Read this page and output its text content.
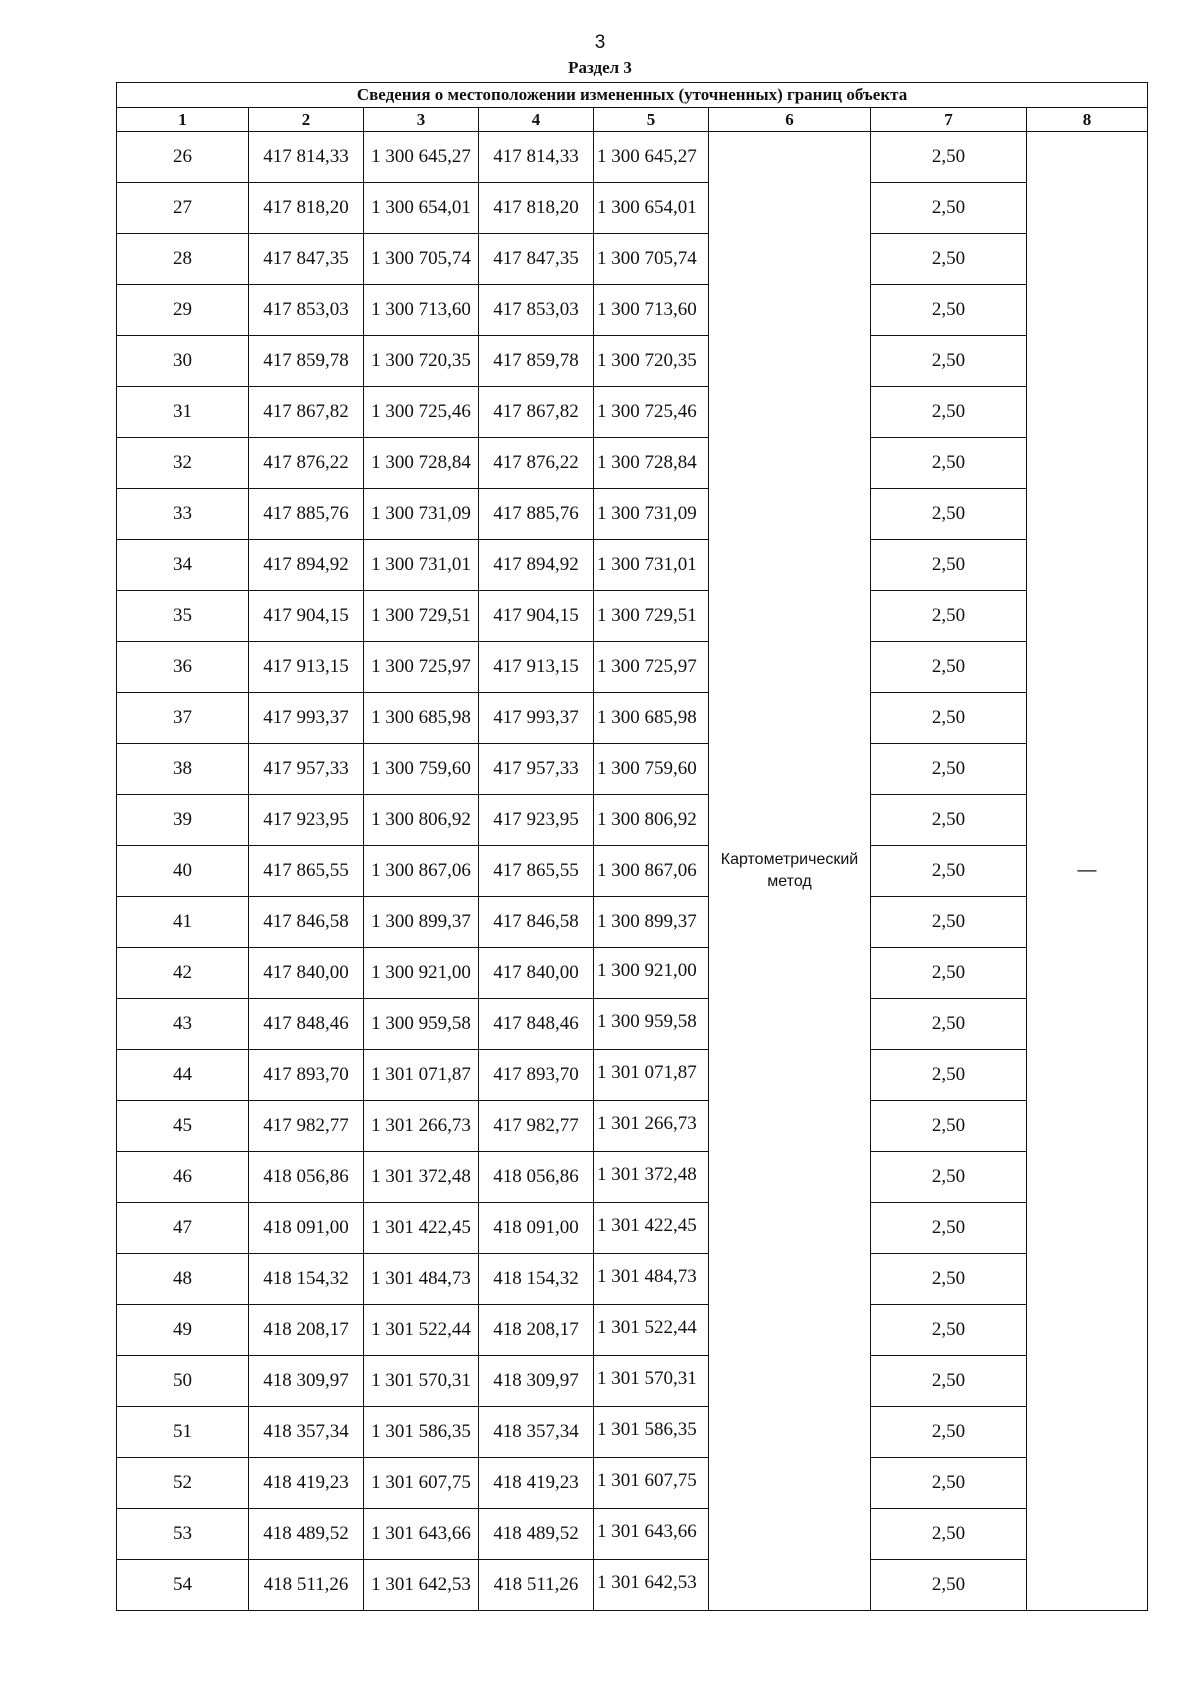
3
Раздел 3
Сведения о местоположении измененных (уточненных) границ объекта							
1	2	3	4	5	6	7	8
26	417 814,33	1 300 645,27	417 814,33	1 300 645,27	Картометрический метод	2,50	—
27	417 818,20	1 300 654,01	417 818,20	1 300 654,01		2,50	
28	417 847,35	1 300 705,74	417 847,35	1 300 705,74		2,50	
29	417 853,03	1 300 713,60	417 853,03	1 300 713,60		2,50	
30	417 859,78	1 300 720,35	417 859,78	1 300 720,35		2,50	
31	417 867,82	1 300 725,46	417 867,82	1 300 725,46		2,50	
32	417 876,22	1 300 728,84	417 876,22	1 300 728,84		2,50	
33	417 885,76	1 300 731,09	417 885,76	1 300 731,09		2,50	
34	417 894,92	1 300 731,01	417 894,92	1 300 731,01		2,50	
35	417 904,15	1 300 729,51	417 904,15	1 300 729,51		2,50	
36	417 913,15	1 300 725,97	417 913,15	1 300 725,97		2,50	
37	417 993,37	1 300 685,98	417 993,37	1 300 685,98		2,50	
38	417 957,33	1 300 759,60	417 957,33	1 300 759,60		2,50	
39	417 923,95	1 300 806,92	417 923,95	1 300 806,92		2,50	
40	417 865,55	1 300 867,06	417 865,55	1 300 867,06		2,50	
41	417 846,58	1 300 899,37	417 846,58	1 300 899,37		2,50	
42	417 840,00	1 300 921,00	417 840,00	1 300 921,00		2,50	
43	417 848,46	1 300 959,58	417 848,46	1 300 959,58		2,50	
44	417 893,70	1 301 071,87	417 893,70	1 301 071,87		2,50	
45	417 982,77	1 301 266,73	417 982,77	1 301 266,73		2,50	
46	418 056,86	1 301 372,48	418 056,86	1 301 372,48		2,50	
47	418 091,00	1 301 422,45	418 091,00	1 301 422,45		2,50	
48	418 154,32	1 301 484,73	418 154,32	1 301 484,73		2,50	
49	418 208,17	1 301 522,44	418 208,17	1 301 522,44		2,50	
50	418 309,97	1 301 570,31	418 309,97	1 301 570,31		2,50	
51	418 357,34	1 301 586,35	418 357,34	1 301 586,35		2,50	
52	418 419,23	1 301 607,75	418 419,23	1 301 607,75		2,50	
53	418 489,52	1 301 643,66	418 489,52	1 301 643,66		2,50	
54	418 511,26	1 301 642,53	418 511,26	1 301 642,53		2,50	
